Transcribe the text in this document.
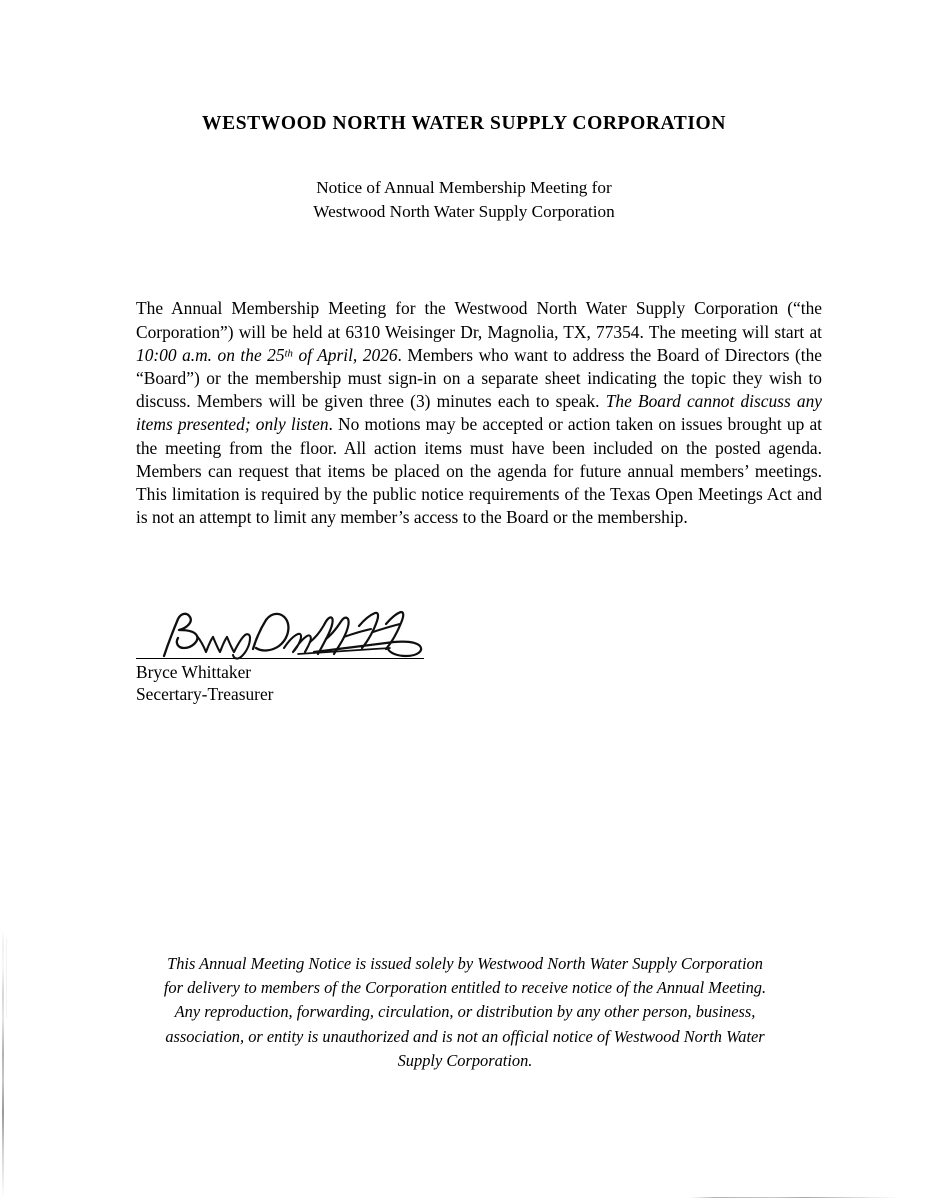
WESTWOOD NORTH WATER SUPPLY CORPORATION
Notice of Annual Membership Meeting for
Westwood North Water Supply Corporation

The Annual Membership Meeting for the Westwood North Water Supply Corporation (“the Corporation”) will be held at 6310 Weisinger Dr, Magnolia, TX, 77354. The meeting will start at 10:00 a.m. on the 25th of April, 2026. Members who want to address the Board of Directors (the “Board”) or the membership must sign-in on a separate sheet indicating the topic they wish to discuss. Members will be given three (3) minutes each to speak. The Board cannot discuss any items presented; only listen. No motions may be accepted or action taken on issues brought up at the meeting from the floor. All action items must have been included on the posted agenda. Members can request that items be placed on the agenda for future annual members’ meetings. This limitation is required by the public notice requirements of the Texas Open Meetings Act and is not an attempt to limit any member’s access to the Board or the membership.

Bryce Whittaker
Secertary-Treasurer
This Annual Meeting Notice is issued solely by Westwood North Water Supply Corporation
for delivery to members of the Corporation entitled to receive notice of the Annual Meeting.
Any reproduction, forwarding, circulation, or distribution by any other person, business,
association, or entity is unauthorized and is not an official notice of Westwood North Water
Supply Corporation.
